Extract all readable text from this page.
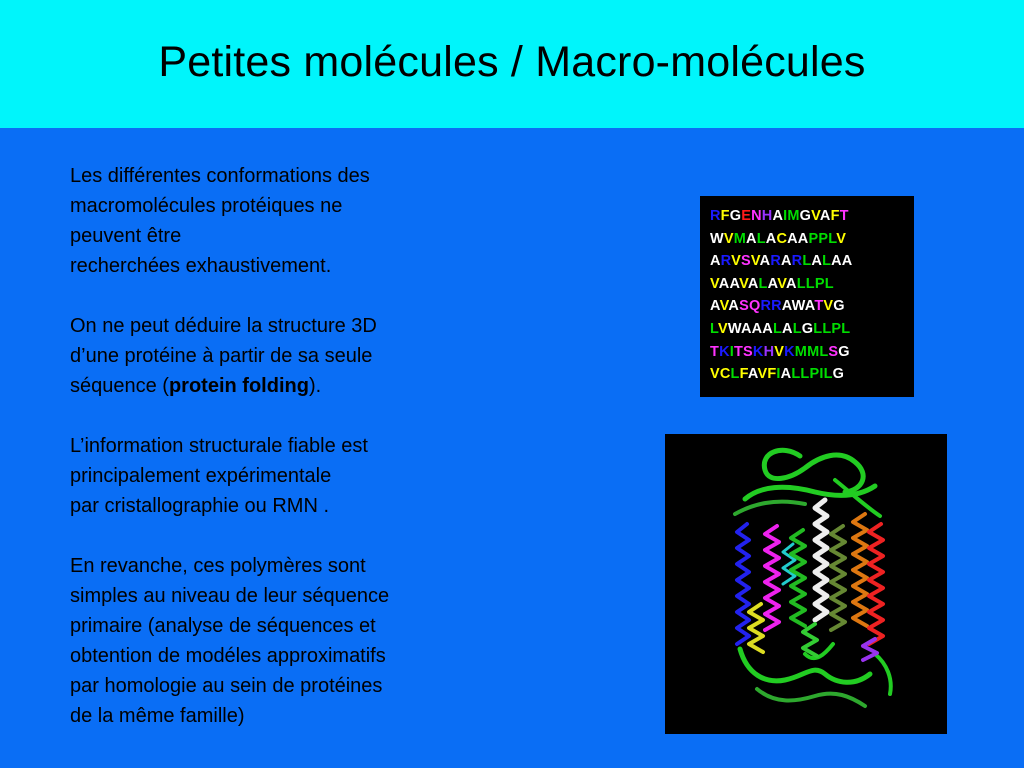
Petites molécules / Macro-molécules

Les différentes conformations des
macromolécules protéiques ne
peuvent être
recherchées exhaustivement.

On ne peut déduire la structure 3D
d’une protéine à partir de sa seule
séquence (protein folding).

L’information structurale fiable est
principalement expérimentale
par cristallographie ou RMN .

En revanche, ces polymères sont
simples au niveau de leur séquence
primaire (analyse de séquences et
obtention de modéles approximatifs
par homologie au sein de protéines
de la même famille)

RFGENHAIMGVAFT
WVMALACAAPPLV
ARVSVARARLALAA
VAAVALAVALLPL
AVASQRRAWATVG
LVWAAALALGLLPL
TKITSKHVKMMLSG
VCLFAVFIALLPILG
